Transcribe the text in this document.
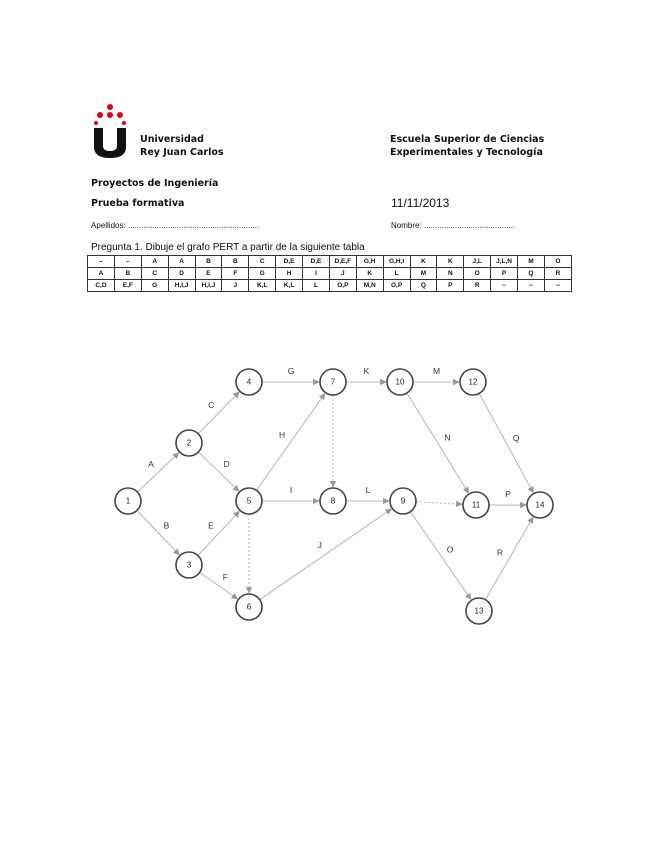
Universidad
Rey Juan Carlos
Escuela Superior de Ciencias
Experimentales y Tecnología
Proyectos de Ingeniería
Prueba formativa	11/11/2013
Apellidos: ...........................................................	Nombre: .........................................
Pregunta 1. Dibuje el grafo PERT a partir de la siguiente tabla
–	–	A	A	B	B	C	D,E	D,E	D,E,F	G,H	G,H,I	K	K	J,L	J,L,N	M	O
A	B	C	D	E	F	G	H	I	J	K	L	M	N	O	P	Q	R
C,D	E,F	G	H,I,J	H,I,J	J	K,L	K,L	L	O,P	M,N	O,P	Q	P	R	--	--	--
A
B
C
D
E
F
G
H
I
J
K
L
M
N
O
P
Q
R
1
2
3
4
5
6
7
8	9
10
11
12
13
14
